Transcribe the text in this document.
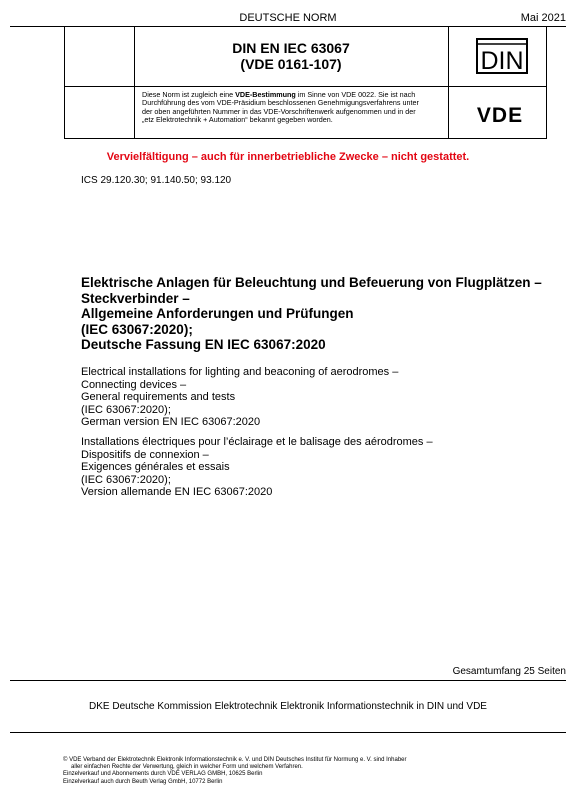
DEUTSCHE NORM	Mai 2021
DIN EN IEC 63067
(VDE 0161-107)	DIN
Diese Norm ist zugleich eine VDE-Bestimmung im Sinne von VDE 0022. Sie ist nach
Durchführung des vom VDE-Präsidium beschlossenen Genehmigungsverfahrens unter
der oben angeführten Nummer in das VDE-Vorschriftenwerk aufgenommen und in der
„etz Elektrotechnik + Automation“ bekannt gegeben worden.	VDE
Vervielfältigung – auch für innerbetriebliche Zwecke – nicht gestattet.
ICS 29.120.30; 91.140.50; 93.120
Elektrische Anlagen für Beleuchtung und Befeuerung von Flugplätzen –
Steckverbinder –
Allgemeine Anforderungen und Prüfungen
(IEC 63067:2020);
Deutsche Fassung EN IEC 63067:2020
Electrical installations for lighting and beaconing of aerodromes –
Connecting devices –
General requirements and tests
(IEC 63067:2020);
German version EN IEC 63067:2020
Installations électriques pour l’éclairage et le balisage des aérodromes –
Dispositifs de connexion –
Exigences générales et essais
(IEC 63067:2020);
Version allemande EN IEC 63067:2020
Gesamtumfang 25 Seiten
DKE Deutsche Kommission Elektrotechnik Elektronik Informationstechnik in DIN und VDE
© VDE Verband der Elektrotechnik Elektronik Informationstechnik e. V. und DIN Deutsches Institut für Normung e. V. sind Inhaber
aller einfachen Rechte der Verwertung, gleich in welcher Form und welchem Verfahren.
Einzelverkauf und Abonnements durch VDE VERLAG GMBH, 10625 Berlin
Einzelverkauf auch durch Beuth Verlag GmbH, 10772 Berlin
